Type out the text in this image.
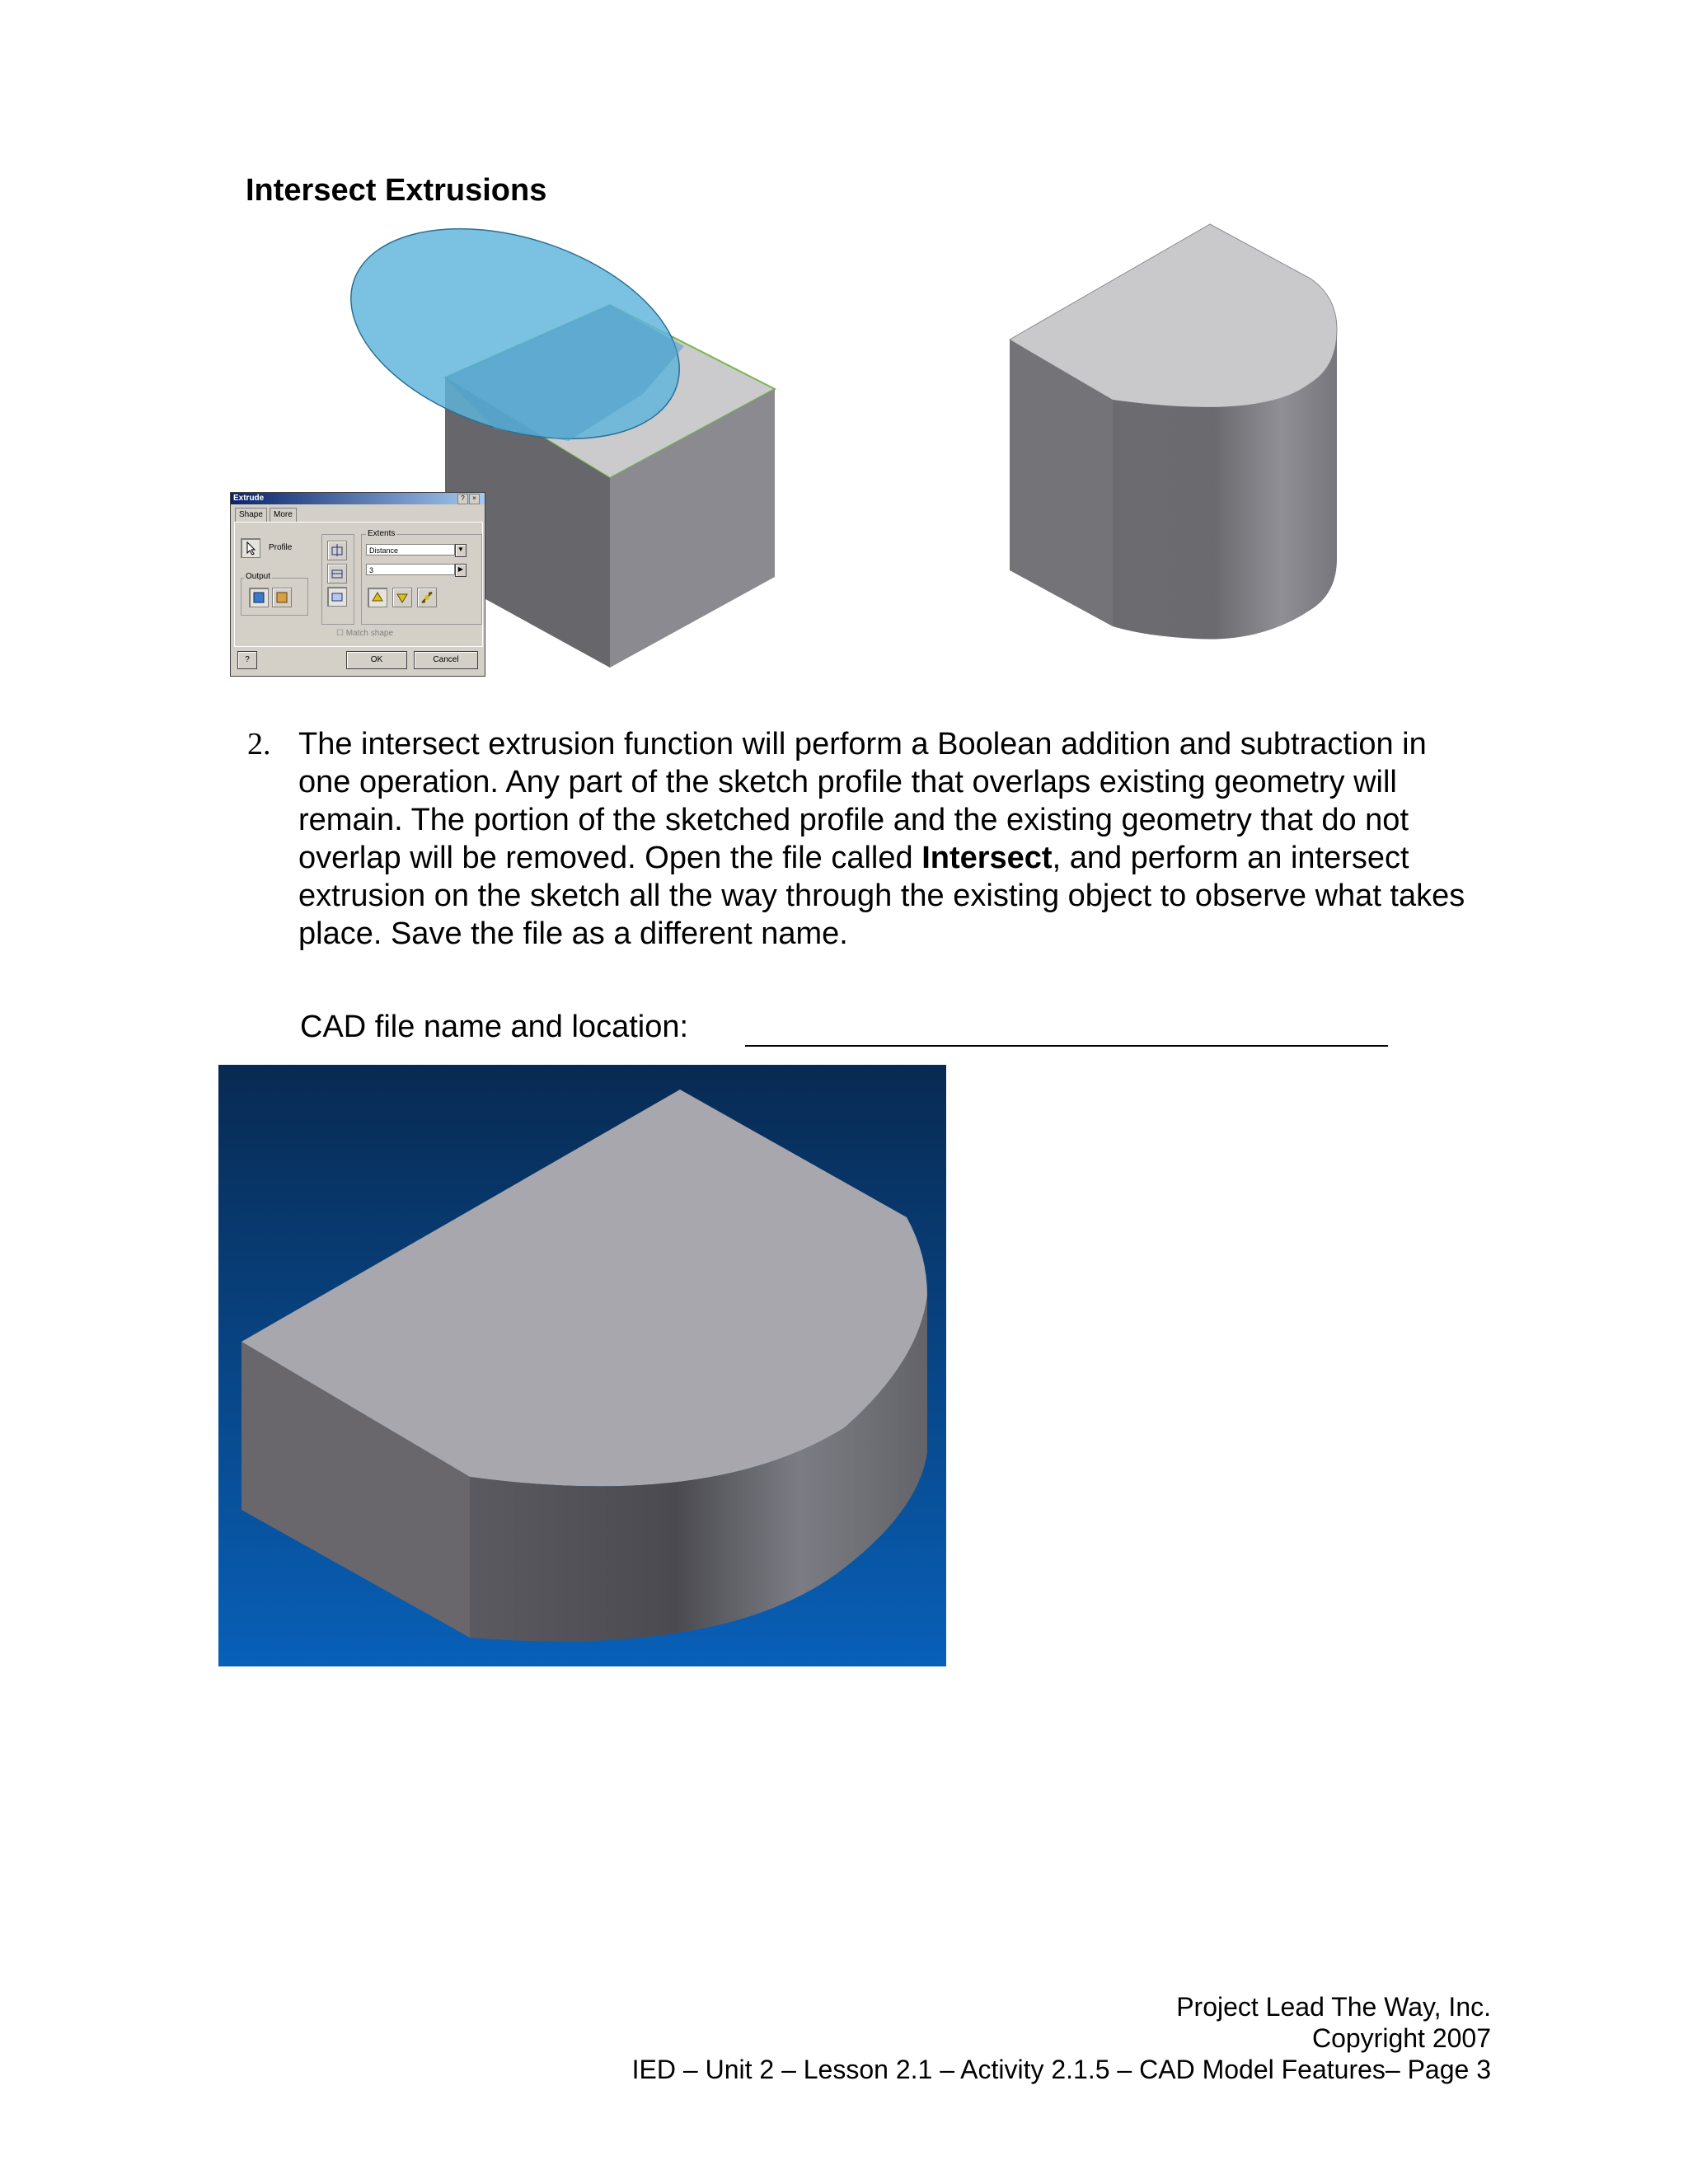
Intersect Extrusions
Extrude	?	×
Shape	More
Profile
Output
Extents
Distance	▼
3	▶
☐ Match shape
?	OK	Cancel
2. The intersect extrusion function will perform a Boolean addition and subtraction in one operation. Any part of the sketch profile that overlaps existing geometry will remain. The portion of the sketched profile and the existing geometry that do not overlap will be removed. Open the file called Intersect, and perform an intersect extrusion on the sketch all the way through the existing object to observe what takes place. Save the file as a different name.
CAD file name and location:
Project Lead The Way, Inc.
Copyright 2007
IED – Unit 2 – Lesson 2.1 – Activity 2.1.5 – CAD Model Features– Page 3
